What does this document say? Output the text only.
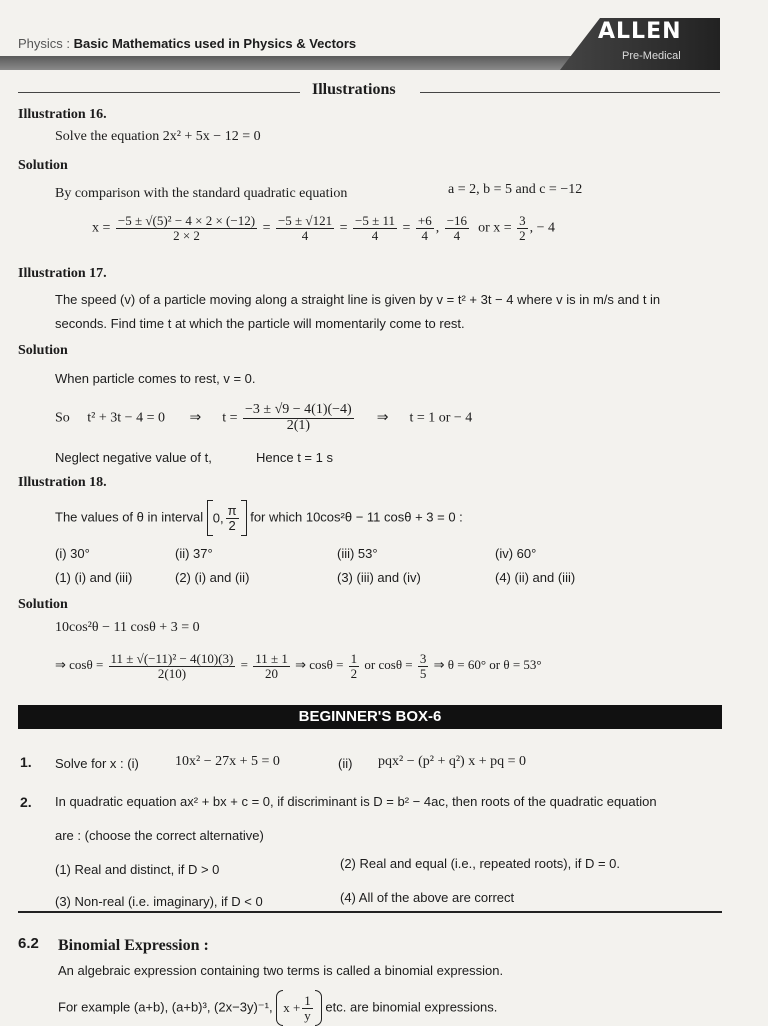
Physics : Basic Mathematics used in Physics & Vectors	ALLEN
Pre-Medical
Illustrations
Illustration 16.
Solve the equation 2x² + 5x − 12 = 0
Solution
By comparison with the standard quadratic equation	a = 2, b = 5 and c = −12
$x = \frac{\text{−5 ± √(5)² − 4 × 2 × (−12)}}{2 \times 2} = \frac{-5 \pm √121}{4} = \frac{-5 \pm 11}{4} = \frac{+6}{4}$ , $\frac{-16}{4}$ or $x = \frac{3}{2}$ , − 4
Illustration 17.
The speed (v) of a particle moving along a straight line is given by v = t² + 3t − 4 where v is in m/s and t in
seconds. Find time t at which the particle will momentarily come to rest.
Solution
When particle comes to rest, v = 0.
So t² + 3t − 4 = 0 ⇒ $t = \frac{-3 \pm √9 - 4(1)(-4)}{2(1)}$ ⇒ t = 1 or − 4
Neglect negative value of t,	Hence t = 1 s
Illustration 18.
The values of θ in interval 0, $\frac{\pi}{2}$ for which 10cos²θ − 11 cosθ + 3 = 0 :
(i) 30°	(ii) 37°	(iii) 53°	(iv) 60°
(1) (i) and (iii)	(2) (i) and (ii)	(3) (iii) and (iv)	(4) (ii) and (iii)
Solution
10cos²θ − 11 cosθ + 3 = 0
⇒ $\cos\theta = \frac{\text{11 ± √(−11)² − 4(10)(3)}}{2(10)} = \frac{11 \pm 1}{20}$ ⇒ $\cos\theta = \frac{1}{2}$ or $\cos\theta = \frac{3}{5}$ ⇒ θ = 60° or θ = 53°
BEGINNER'S BOX-6
1. Solve for x : (i)	10x² − 27x + 5 = 0	(ii) pqx² − (p² + q²) x + pq = 0
2. In quadratic equation ax² + bx + c = 0, if discriminant is D = b² − 4ac, then roots of the quadratic equation
are : (choose the correct alternative)
(1) Real and distinct, if D > 0	(2) Real and equal (i.e., repeated roots), if D = 0.
(3) Non-real (i.e. imaginary), if D < 0	(4) All of the above are correct
6.2 Binomial Expression :
An algebraic expression containing two terms is called a binomial expression.
For example (a+b), (a+b)³, (2x−3y)⁻¹, $x + \frac{1}{y}$ etc. are binomial expressions.
